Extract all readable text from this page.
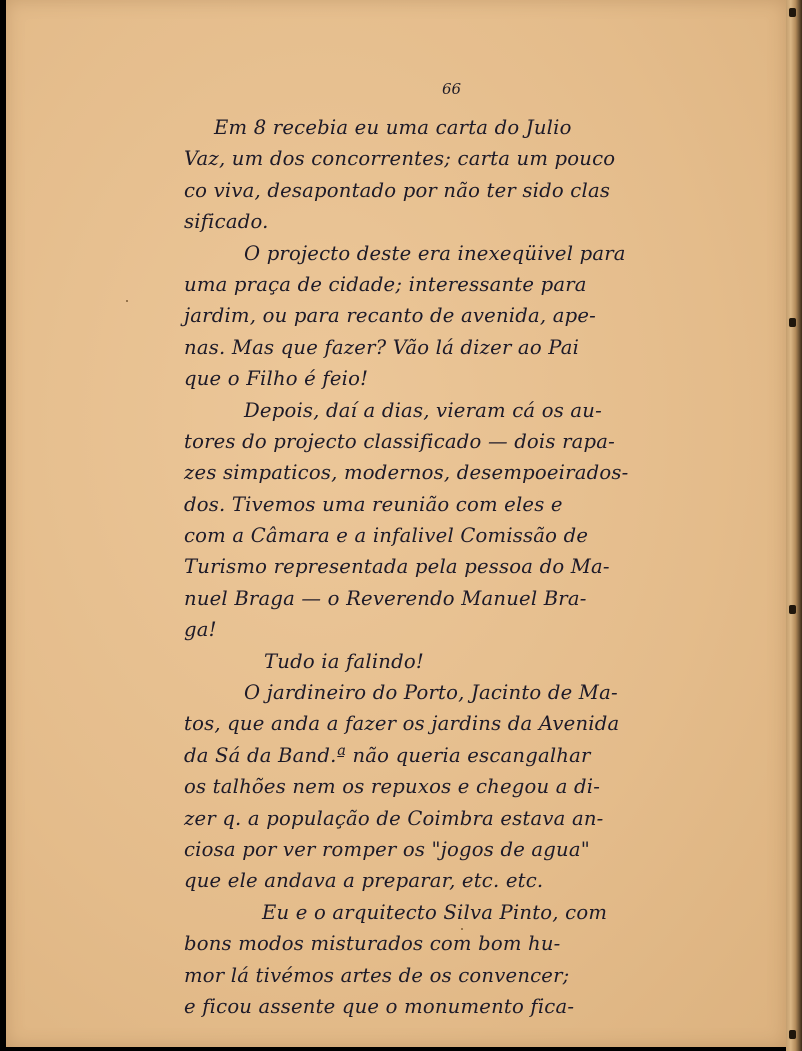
66
Em 8 recebia eu uma carta do Julio
Vaz, um dos concorrentes; carta um pouco
co viva, desapontado por não ter sido clas
sificado.
O projecto deste era inexeqüivel para
uma praça de cidade; interessante para
jardim, ou para recanto de avenida, ape-
nas. Mas que fazer? Vão lá dizer ao Pai
que o Filho é feio!
Depois, daí a dias, vieram cá os au-
tores do projecto classificado — dois rapa-
zes simpaticos, modernos, desempoeirados-
dos. Tivemos uma reunião com eles e
com a Câmara e a infalivel Comissão de
Turismo representada pela pessoa do Ma-
nuel Braga — o Reverendo Manuel Bra-
ga!
Tudo ia falindo!
O jardineiro do Porto, Jacinto de Ma-
tos, que anda a fazer os jardins da Avenida
da Sá da Band.ª não queria escangalhar
os talhões nem os repuxos e chegou a di-
zer q. a população de Coimbra estava an-
ciosa por ver romper os "jogos de agua"
que ele andava a preparar, etc. etc.
Eu e o arquitecto Silva Pinto, com
bons modos misturados com bom hu-
mor lá tivémos artes de os convencer;
e ficou assente que o monumento fica-
